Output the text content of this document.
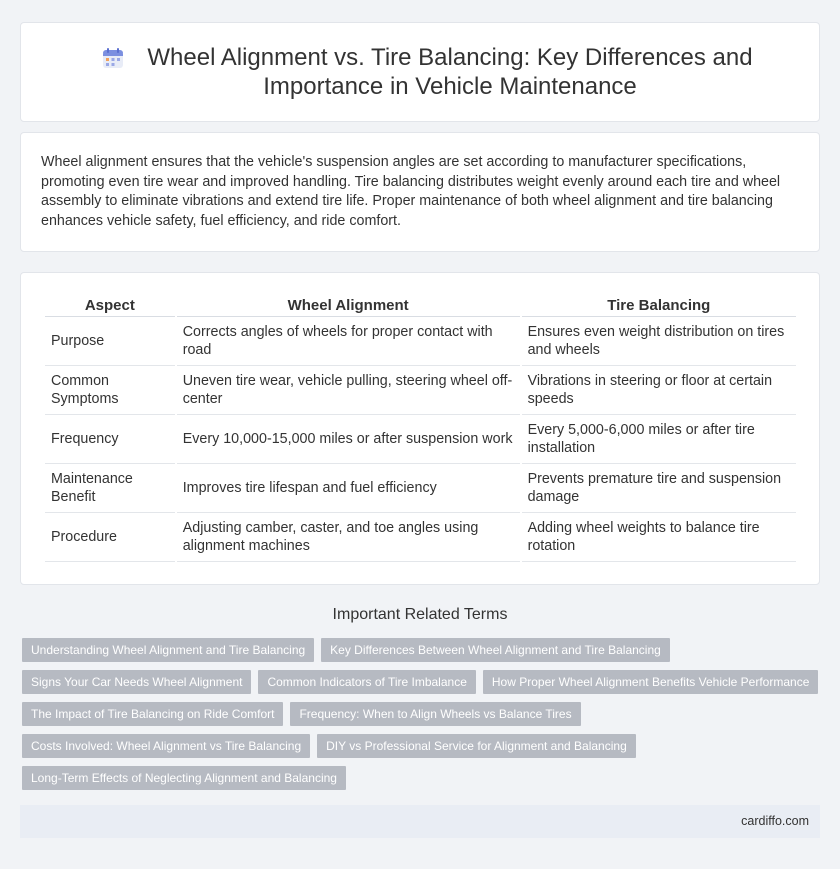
Wheel Alignment vs. Tire Balancing: Key Differences and Importance in Vehicle Maintenance

Wheel alignment ensures that the vehicle's suspension angles are set according to manufacturer specifications, promoting even tire wear and improved handling. Tire balancing distributes weight evenly around each tire and wheel assembly to eliminate vibrations and extend tire life. Proper maintenance of both wheel alignment and tire balancing enhances vehicle safety, fuel efficiency, and ride comfort.

Aspect	Wheel Alignment	Tire Balancing
Purpose	Corrects angles of wheels for proper contact with road	Ensures even weight distribution on tires and wheels
Common Symptoms	Uneven tire wear, vehicle pulling, steering wheel off-center	Vibrations in steering or floor at certain speeds
Frequency	Every 10,000-15,000 miles or after suspension work	Every 5,000-6,000 miles or after tire installation
Maintenance Benefit	Improves tire lifespan and fuel efficiency	Prevents premature tire and suspension damage
Procedure	Adjusting camber, caster, and toe angles using alignment machines	Adding wheel weights to balance tire rotation
Important Related Terms
Understanding Wheel Alignment and Tire Balancing	Key Differences Between Wheel Alignment and Tire Balancing
Signs Your Car Needs Wheel Alignment	Common Indicators of Tire Imbalance	How Proper Wheel Alignment Benefits Vehicle Performance
The Impact of Tire Balancing on Ride Comfort	Frequency: When to Align Wheels vs Balance Tires
Costs Involved: Wheel Alignment vs Tire Balancing	DIY vs Professional Service for Alignment and Balancing
Long-Term Effects of Neglecting Alignment and Balancing
cardiffo.com
